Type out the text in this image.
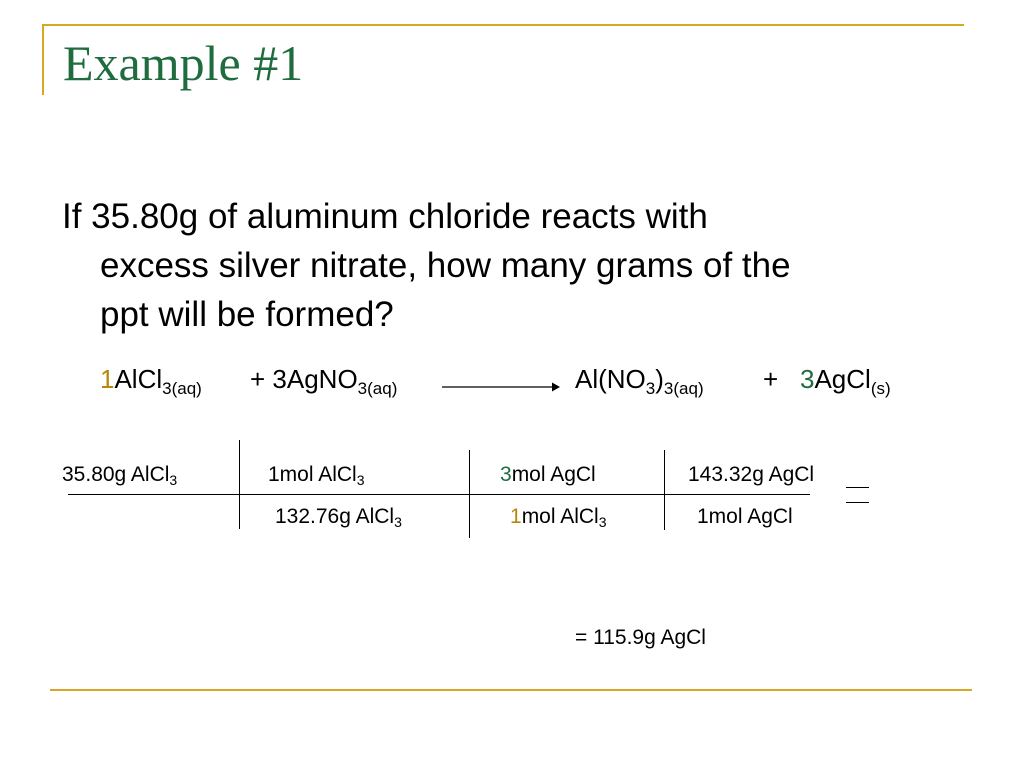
Example #1
If 35.80g of aluminum chloride reacts with
excess silver nitrate, how many grams of the
ppt will be formed?
1AlCl$_{3(aq)}$ + 3AgNO$_{3(aq)}$	$Al(NO_3)_{3(aq)}$ + 3AgCl$_{(s)}$
35.80g AlCl$_3$	1mol AlCl$_3$
132.76g AlCl$_3$
3mol AgCl
1mol AlCl$_3$
143.32g AgCl
1mol AgCl
= 115.9g AgCl
